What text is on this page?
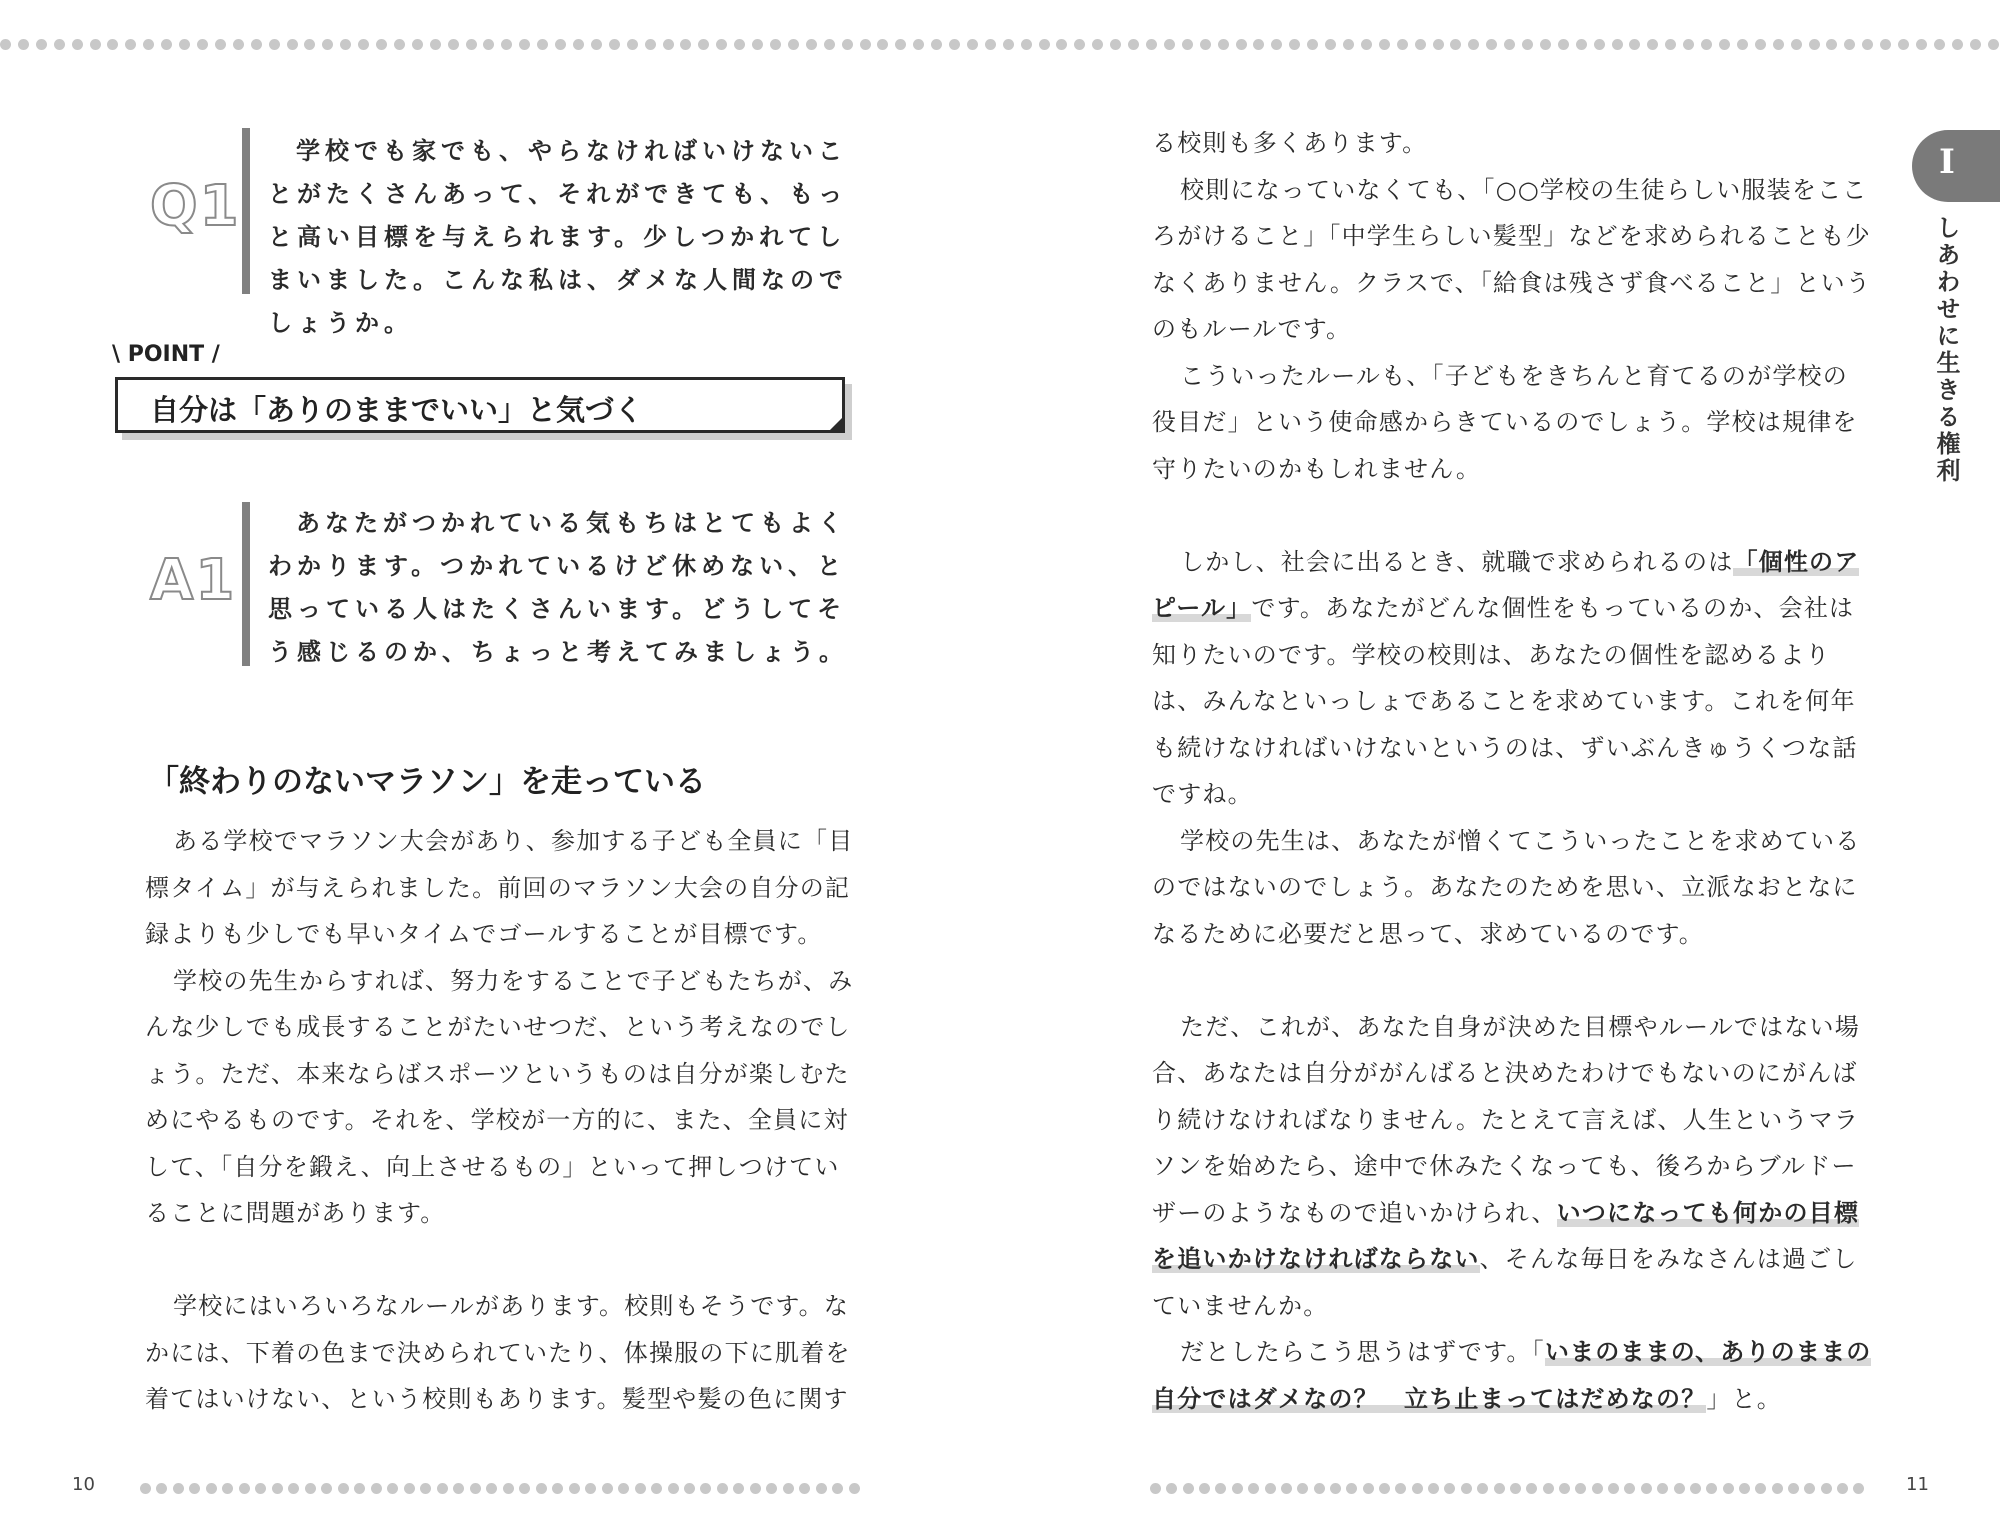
Q1

学校でも家でも、やらなければいけないことがたくさんあって、それができても、もっと高い目標を与えられます。少しつかれてしまいました。こんな私は、ダメな人間なのでしょうか。

\ POINT /
自分は「ありのままでいい」と気づく
A1

あなたがつかれている気もちはとてもよくわかります。つかれているけど休めない、と思っている人はたくさんいます。どうしてそう感じるのか、ちょっと考えてみましょう。

「終わりのないマラソン」を走っている

ある学校でマラソン大会があり、参加する子ども全員に「目標タイム」が与えられました。前回のマラソン大会の自分の記録よりも少しでも早いタイムでゴールすることが目標です。

学校の先生からすれば、努力をすることで子どもたちが、みんな少しでも成長することがたいせつだ、という考えなのでしょう。ただ、本来ならばスポーツというものは自分が楽しむためにやるものです。それを、学校が一方的に、また、全員に対して、「自分を鍛え、向上させるもの」といって押しつけていることに問題があります。

学校にはいろいろなルールがあります。校則もそうです。なかには、下着の色まで決められていたり、体操服の下に肌着を着てはいけない、という校則もあります。髪型や髪の色に関す

る校則も多くあります。

校則になっていなくても、「○○学校の生徒らしい服装をこころがけること」「中学生らしい髪型」などを求められることも少なくありません。クラスで、「給食は残さず食べること」というのもルールです。

こういったルールも、「子どもをきちんと育てるのが学校の役目だ」という使命感からきているのでしょう。学校は規律を守りたいのかもしれません。

しかし、社会に出るとき、就職で求められるのは「個性のアピール」です。あなたがどんな個性をもっているのか、会社は知りたいのです。学校の校則は、あなたの個性を認めるよりは、みんなといっしょであることを求めています。これを何年も続けなければいけないというのは、ずいぶんきゅうくつな話ですね。

学校の先生は、あなたが憎くてこういったことを求めているのではないのでしょう。あなたのためを思い、立派なおとなになるために必要だと思って、求めているのです。

ただ、これが、あなた自身が決めた目標やルールではない場合、あなたは自分ががんばると決めたわけでもないのにがんばり続けなければなりません。たとえて言えば、人生というマラソンを始めたら、途中で休みたくなっても、後ろからブルドーザーのようなもので追いかけられ、いつになっても何かの目標を追いかけなければならない、そんな毎日をみなさんは過ごしていませんか。

だとしたらこう思うはずです。「いまのままの、ありのままの自分ではダメなの？　立ち止まってはだめなの？」と。

I
しあわせに生きる権利
10	11
